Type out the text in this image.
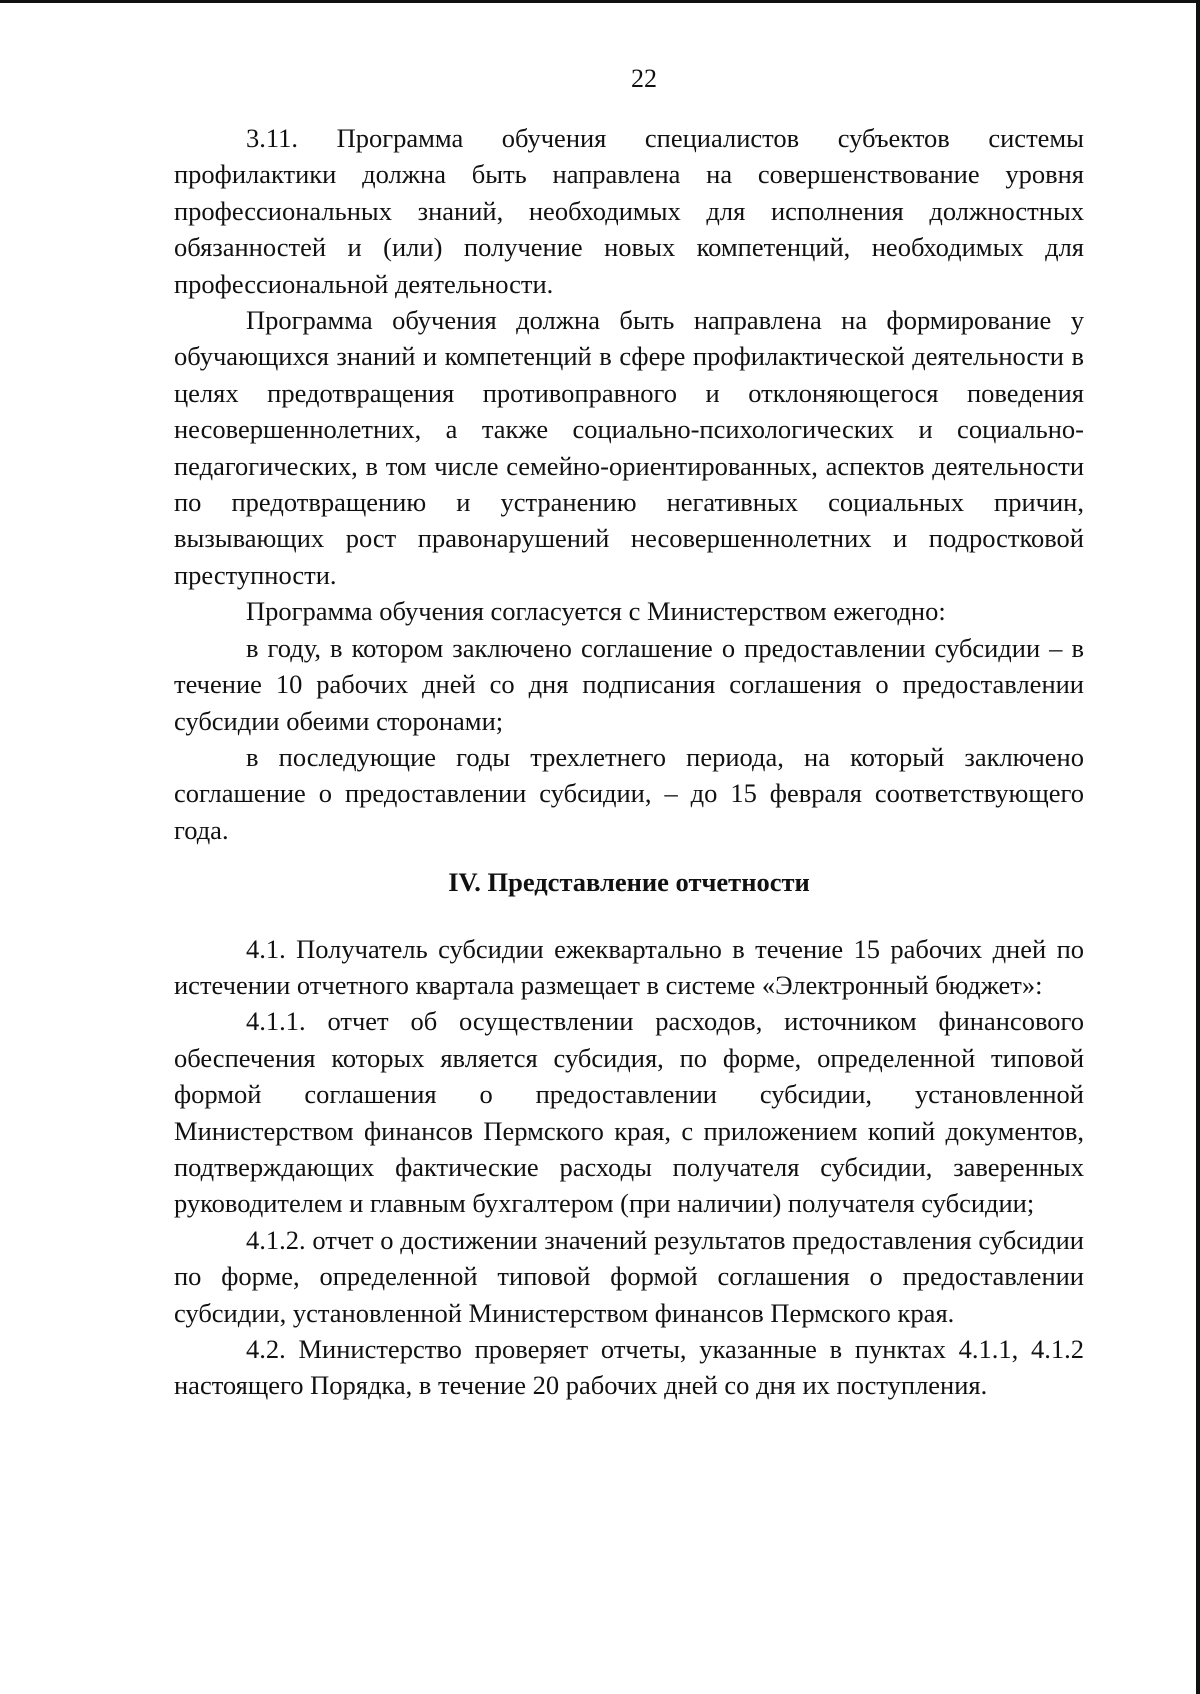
22

3.11. Программа обучения специалистов субъектов системы профилактики должна быть направлена на совершенствование уровня профессиональных знаний, необходимых для исполнения должностных обязанностей и (или) получение новых компетенций, необходимых для профессиональной деятельности.

Программа обучения должна быть направлена на формирование у обучающихся знаний и компетенций в сфере профилактической деятельности в целях предотвращения противоправного и отклоняющегося поведения несовершеннолетних, а также социально-психологических и социально-педагогических, в том числе семейно-ориентированных, аспектов деятельности по предотвращению и устранению негативных социальных причин, вызывающих рост правонарушений несовершеннолетних и подростковой преступности.

Программа обучения согласуется с Министерством ежегодно:

в году, в котором заключено соглашение о предоставлении субсидии – в течение 10 рабочих дней со дня подписания соглашения о предоставлении субсидии обеими сторонами;

в последующие годы трехлетнего периода, на который заключено соглашение о предоставлении субсидии, – до 15 февраля соответствующего года.

IV. Представление отчетности

4.1. Получатель субсидии ежеквартально в течение 15 рабочих дней по истечении отчетного квартала размещает в системе «Электронный бюджет»:

4.1.1. отчет об осуществлении расходов, источником финансового обеспечения которых является субсидия, по форме, определенной типовой формой соглашения о предоставлении субсидии, установленной Министерством финансов Пермского края, с приложением копий документов, подтверждающих фактические расходы получателя субсидии, заверенных руководителем и главным бухгалтером (при наличии) получателя субсидии;

4.1.2. отчет о достижении значений результатов предоставления субсидии по форме, определенной типовой формой соглашения о предоставлении субсидии, установленной Министерством финансов Пермского края.

4.2. Министерство проверяет отчеты, указанные в пунктах 4.1.1, 4.1.2 настоящего Порядка, в течение 20 рабочих дней со дня их поступления.
